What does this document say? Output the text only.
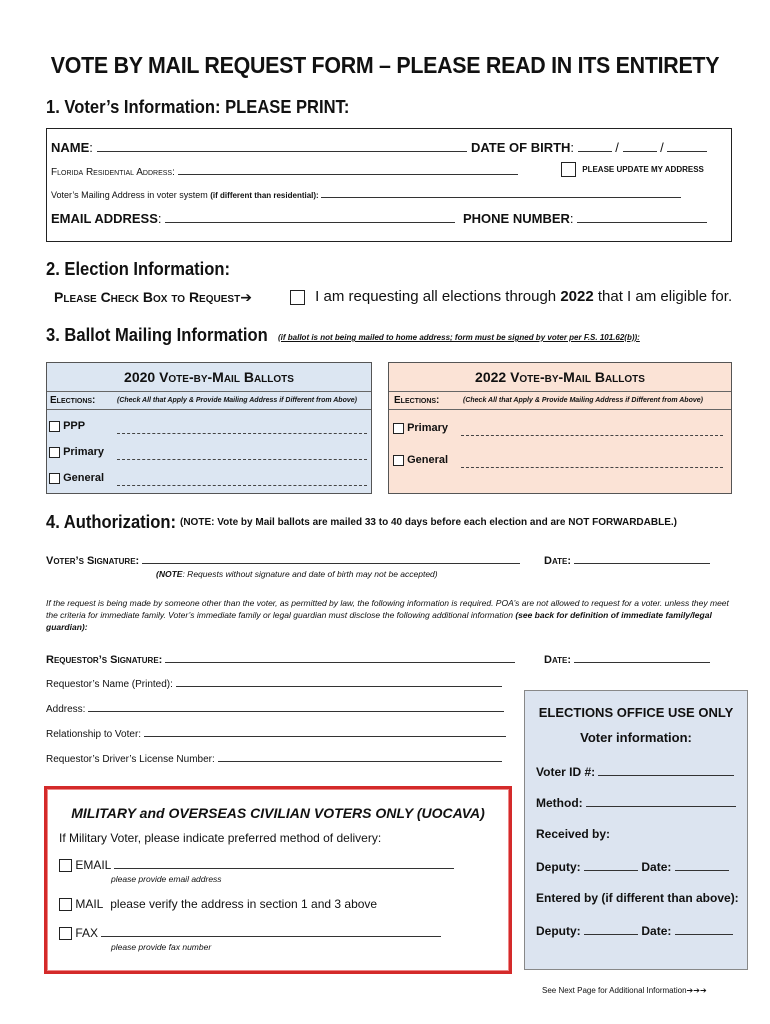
VOTE BY MAIL REQUEST FORM – PLEASE READ IN ITS ENTIRETY
1. Voter’s Information: PLEASE PRINT:
NAME:	DATE OF BIRTH:	/	/
Florida Residential Address:	PLEASE UPDATE MY ADDRESS
Voter’s Mailing Address in voter system (if different than residential):
EMAIL ADDRESS:	PHONE NUMBER:
2. Election Information:
Please Check Box to Request➔	I am requesting all elections through 2022 that I am eligible for.
3. Ballot Mailing Information (if ballot is not being mailed to home address; form must be signed by voter per F.S. 101.62(b)):
2020 Vote-by-Mail Ballots
Elections:	(Check All that Apply & Provide Mailing Address if Different from Above)
PPP
Primary
General
2022 Vote-by-Mail Ballots
Elections:	(Check All that Apply & Provide Mailing Address if Different from Above)
Primary
General
4. Authorization: (NOTE: Vote by Mail ballots are mailed 33 to 40 days before each election and are NOT FORWARDABLE.)
Voter’s Signature:	Date:
(NOTE: Requests without signature and date of birth may not be accepted)
If the request is being made by someone other than the voter, as permitted by law, the following information is required. POA’s are not allowed to request for a voter. unless they meet the criteria for immediate family. Voter’s immediate family or legal guardian must disclose the following additional information (see back for definition of immediate family/legal guardian):
Requestor’s Signature:	Date:
Requestor’s Name (Printed):
Address:
Relationship to Voter:
Requestor’s Driver’s License Number:
MILITARY and OVERSEAS CIVILIAN VOTERS ONLY (UOCAVA)
If Military Voter, please indicate preferred method of delivery:
EMAIL
please provide email address
MAIL please verify the address in section 1 and 3 above
FAX
please provide fax number
ELECTIONS OFFICE USE ONLY
Voter information:
Voter ID #:
Method:
Received by:
Deputy:	Date:
Entered by (if different than above):
Deputy:	Date:
See Next Page for Additional Information➔➔➔
